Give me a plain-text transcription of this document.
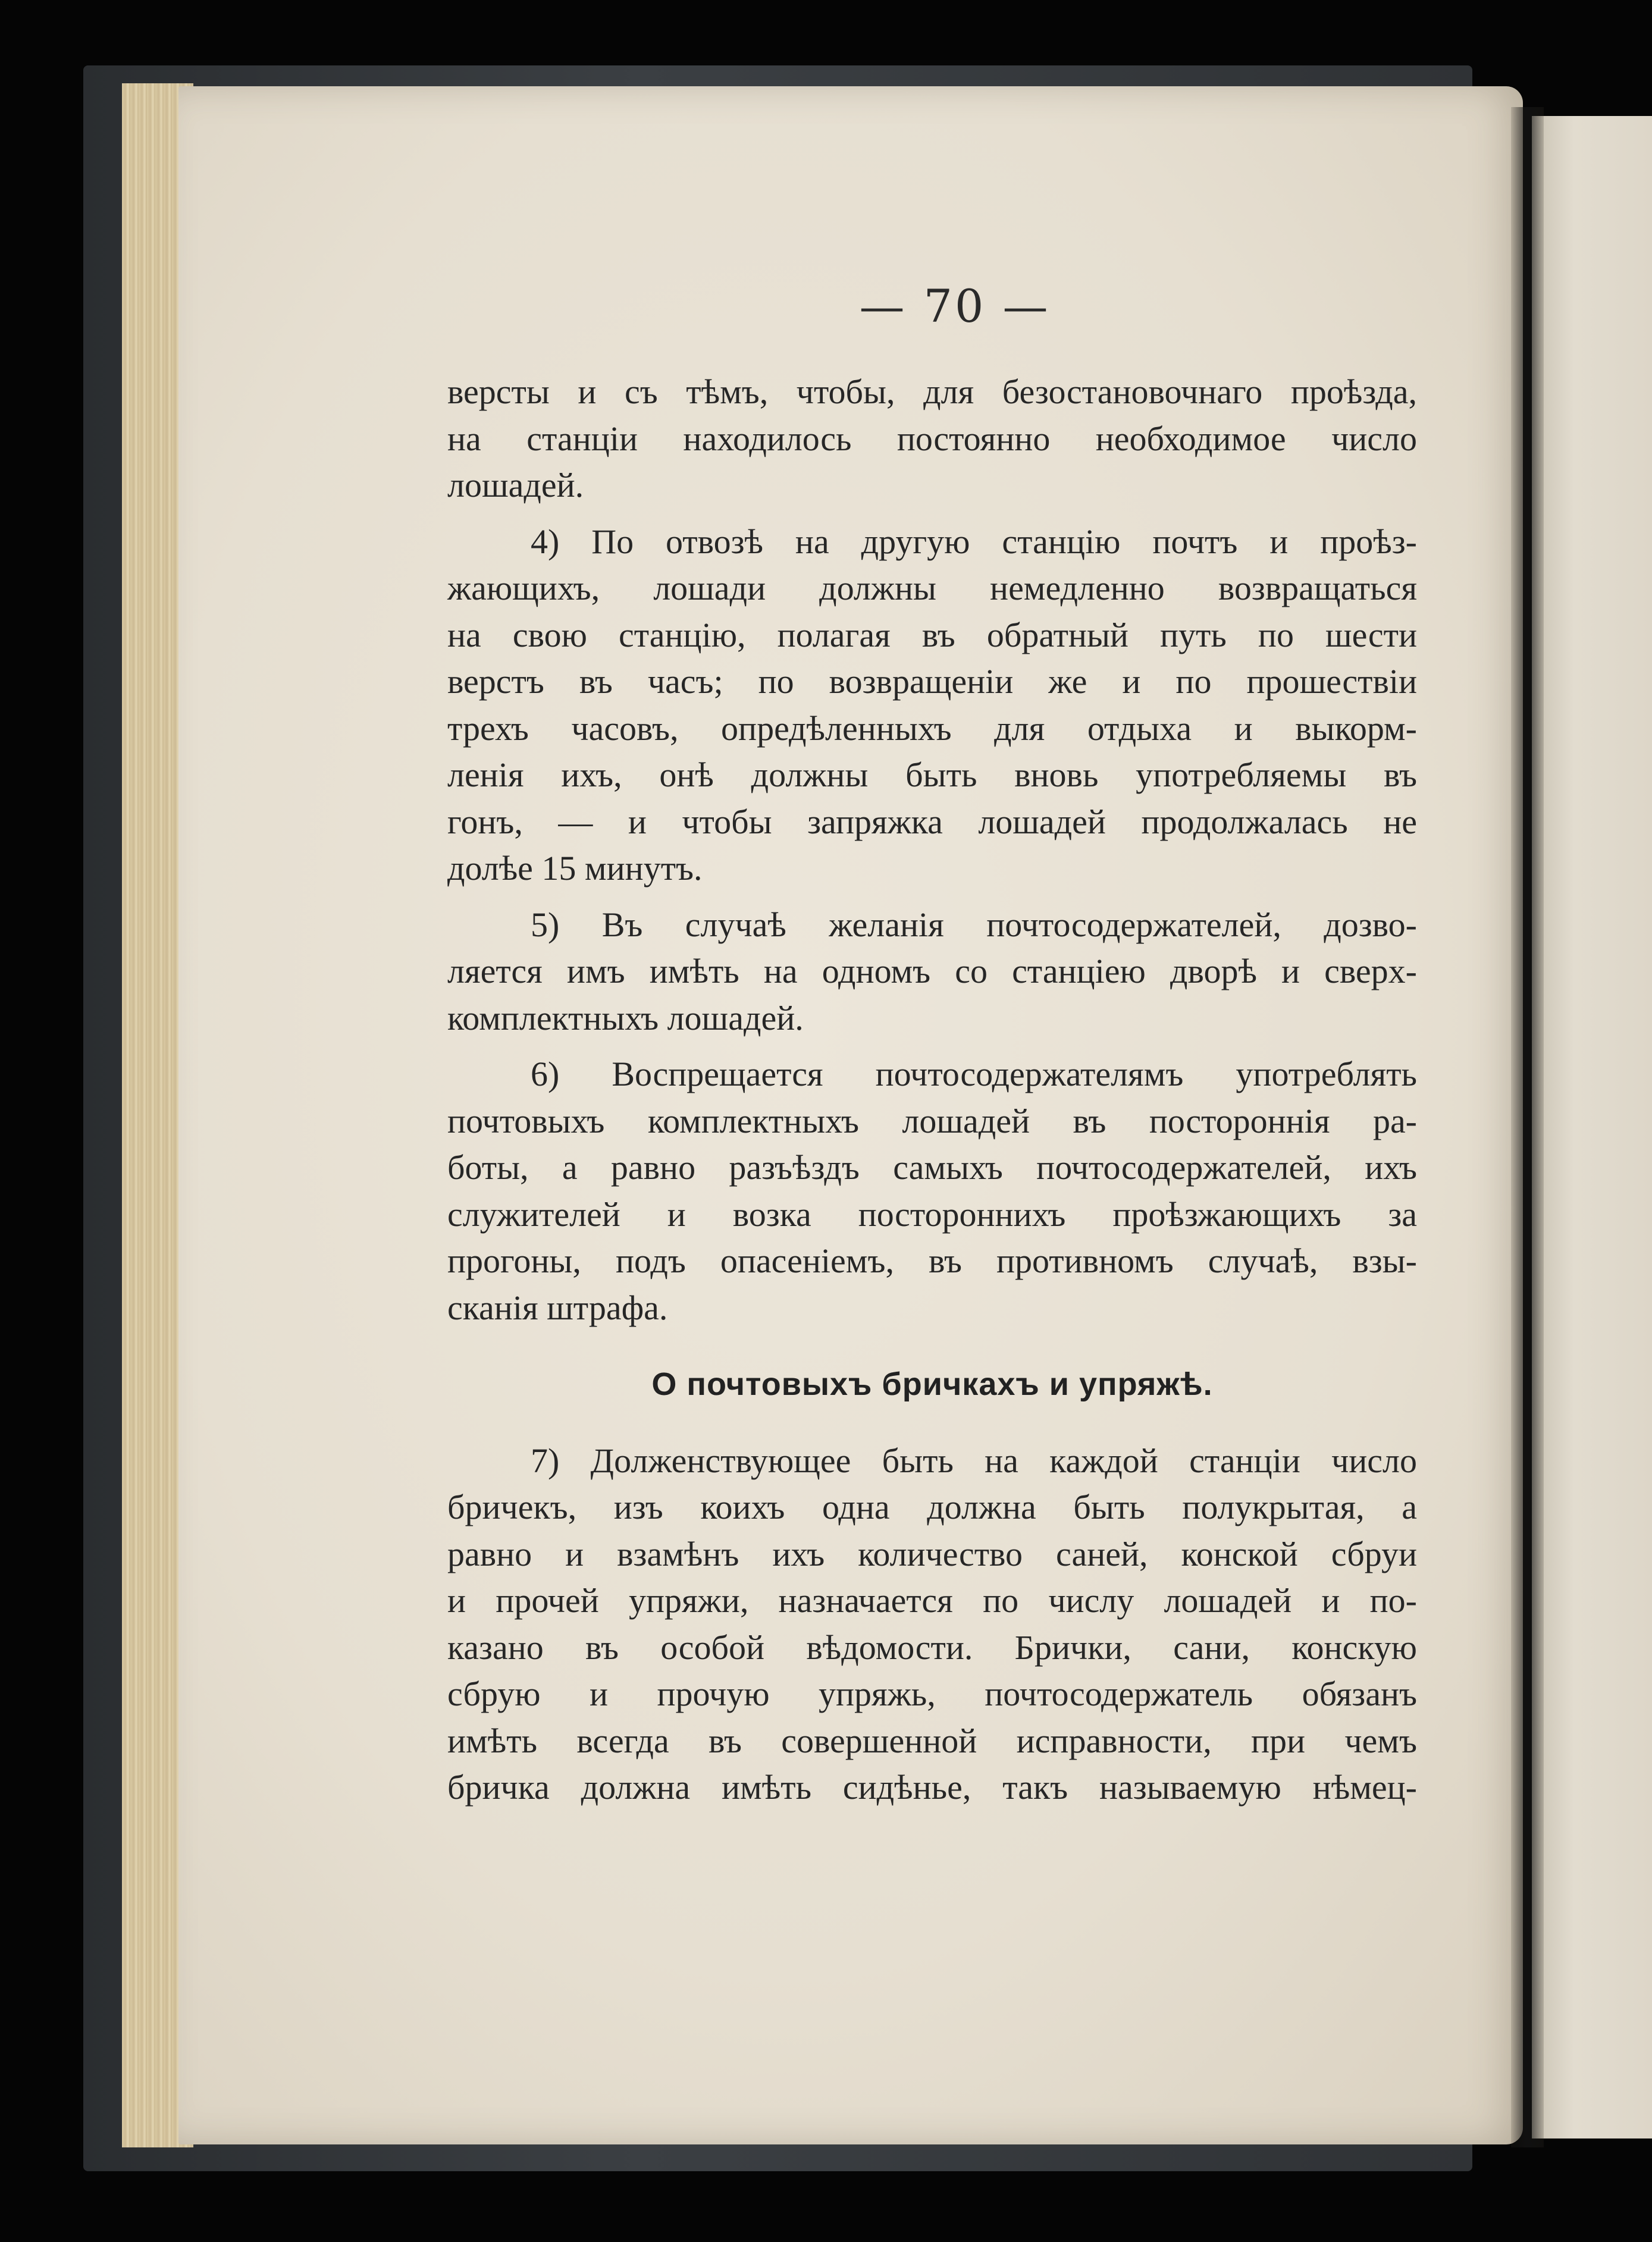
— 70 —
версты и съ тѣмъ, чтобы, для безостановочнаго проѣзда,
на станціи находилось постоянно необходимое число
лошадей.
4) По отвозѣ на другую станцію почтъ и проѣз-
жающихъ, лошади должны немедленно возвращаться
на свою станцію, полагая въ обратный путь по шести
верстъ въ часъ; по возвращеніи же и по прошествіи
трехъ часовъ, опредѣленныхъ для отдыха и выкорм-
ленія ихъ, онѣ должны быть вновь употребляемы въ
гонъ, — и чтобы запряжка лошадей продолжалась не
долѣе 15 минутъ.
5) Въ случаѣ желанія почтосодержателей, дозво-
ляется имъ имѣть на одномъ со станціею дворѣ и сверх-
комплектныхъ лошадей.
6) Воспрещается почтосодержателямъ употреблять
почтовыхъ комплектныхъ лошадей въ постороннія ра-
боты, а равно разъѣздъ самыхъ почтосодержателей, ихъ
служителей и возка постороннихъ проѣзжающихъ за
прогоны, подъ опасеніемъ, въ противномъ случаѣ, взы-
сканія штрафа.
О почтовыхъ бричкахъ и упряжѣ.
7) Долженствующее быть на каждой станціи число
бричекъ, изъ коихъ одна должна быть полукрытая, а
равно и взамѣнъ ихъ количество саней, конской сбруи
и прочей упряжи, назначается по числу лошадей и по-
казано въ особой вѣдомости. Брички, сани, конскую
сбрую и прочую упряжь, почтосодержатель обязанъ
имѣть всегда въ совершенной исправности, при чемъ
бричка должна имѣть сидѣнье, такъ называемую нѣмец-
